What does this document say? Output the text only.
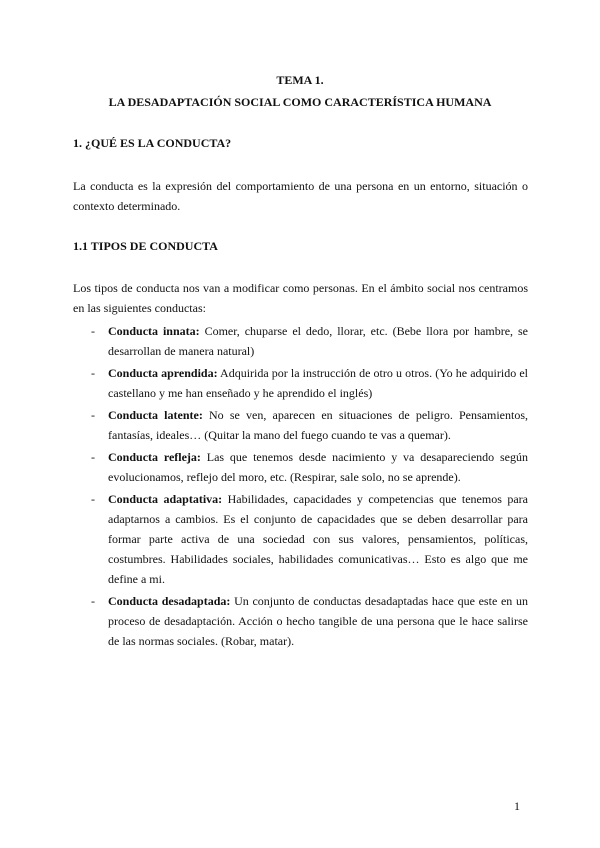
TEMA 1.
LA DESADAPTACIÓN SOCIAL COMO CARACTERÍSTICA HUMANA
1. ¿QUÉ ES LA CONDUCTA?
La conducta es la expresión del comportamiento de una persona en un entorno, situación o contexto determinado.
1.1 TIPOS DE CONDUCTA
Los tipos de conducta nos van a modificar como personas. En el ámbito social nos centramos en las siguientes conductas:
- Conducta innata: Comer, chuparse el dedo, llorar, etc. (Bebe llora por hambre, se desarrollan de manera natural)
- Conducta aprendida: Adquirida por la instrucción de otro u otros. (Yo he adquirido el castellano y me han enseñado y he aprendido el inglés)
- Conducta latente: No se ven, aparecen en situaciones de peligro. Pensamientos, fantasías, ideales… (Quitar la mano del fuego cuando te vas a quemar).
- Conducta refleja: Las que tenemos desde nacimiento y va desapareciendo según evolucionamos, reflejo del moro, etc. (Respirar, sale solo, no se aprende).
- Conducta adaptativa: Habilidades, capacidades y competencias que tenemos para adaptarnos a cambios. Es el conjunto de capacidades que se deben desarrollar para formar parte activa de una sociedad con sus valores, pensamientos, políticas, costumbres. Habilidades sociales, habilidades comunicativas… Esto es algo que me define a mi.
- Conducta desadaptada: Un conjunto de conductas desadaptadas hace que este en un proceso de desadaptación. Acción o hecho tangible de una persona que le hace salirse de las normas sociales. (Robar, matar).
1
